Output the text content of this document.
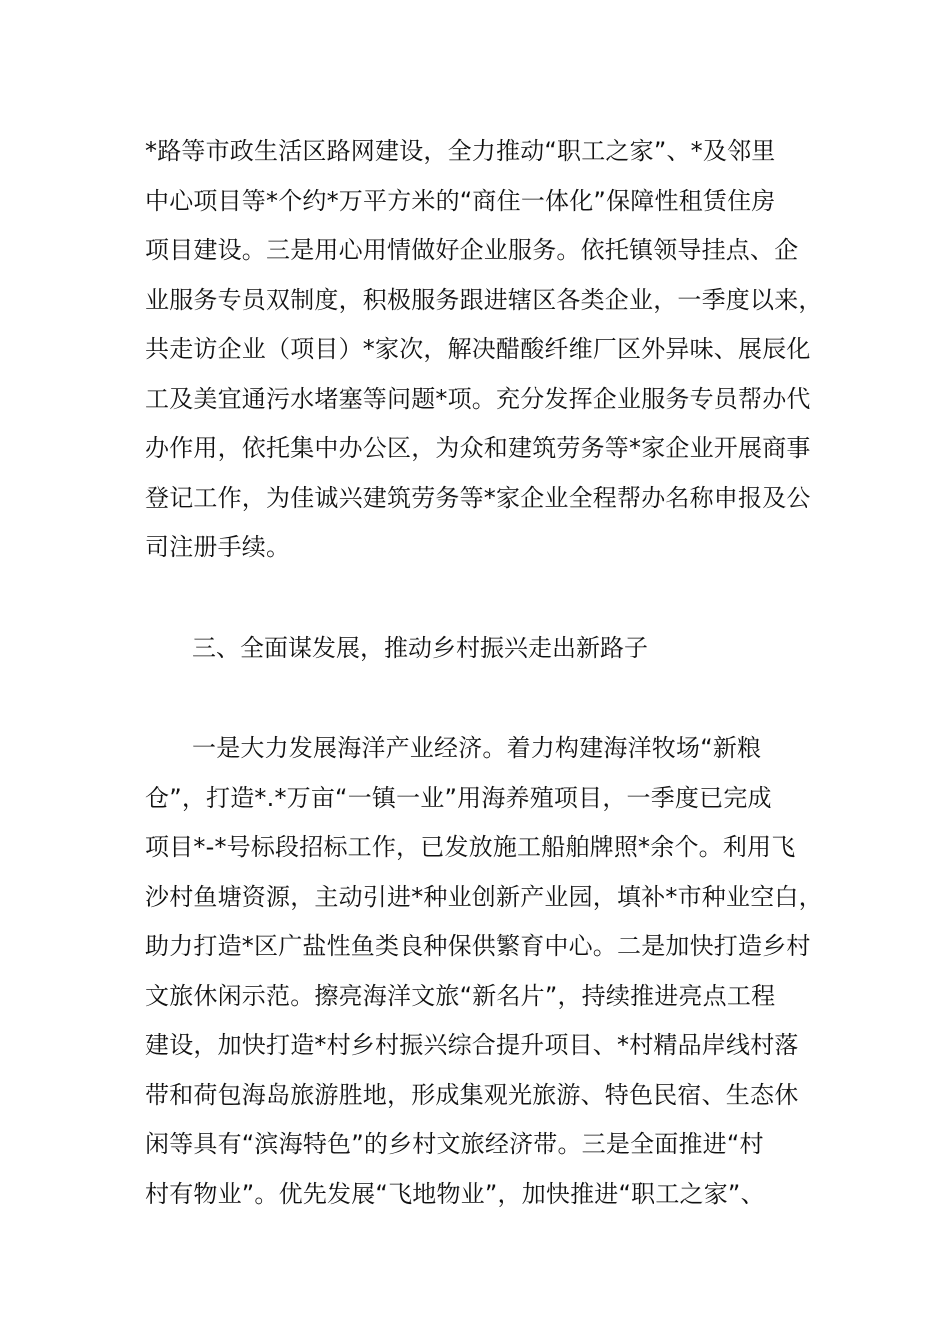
*路等市政生活区路网建设，全力推动“职工之家”、*及邻里
中心项目等*个约*万平方米的“商住一体化”保障性租赁住房
项目建设。三是用心用情做好企业服务。依托镇领导挂点、企
业服务专员双制度，积极服务跟进辖区各类企业，一季度以来，
共走访企业（项目）*家次，解决醋酸纤维厂区外异味、展辰化
工及美宜通污水堵塞等问题*项。充分发挥企业服务专员帮办代
办作用，依托集中办公区，为众和建筑劳务等*家企业开展商事
登记工作，为佳诚兴建筑劳务等*家企业全程帮办名称申报及公
司注册手续。
三、全面谋发展，推动乡村振兴走出新路子
一是大力发展海洋产业经济。着力构建海洋牧场“新粮
仓”，打造*.*万亩“一镇一业”用海养殖项目，一季度已完成
项目*-*号标段招标工作，已发放施工船舶牌照*余个。利用飞
沙村鱼塘资源，主动引进*种业创新产业园，填补*市种业空白，
助力打造*区广盐性鱼类良种保供繁育中心。二是加快打造乡村
文旅休闲示范。擦亮海洋文旅“新名片”，持续推进亮点工程
建设，加快打造*村乡村振兴综合提升项目、*村精品岸线村落
带和荷包海岛旅游胜地，形成集观光旅游、特色民宿、生态休
闲等具有“滨海特色”的乡村文旅经济带。三是全面推进“村
村有物业”。优先发展“飞地物业”，加快推进“职工之家”、
